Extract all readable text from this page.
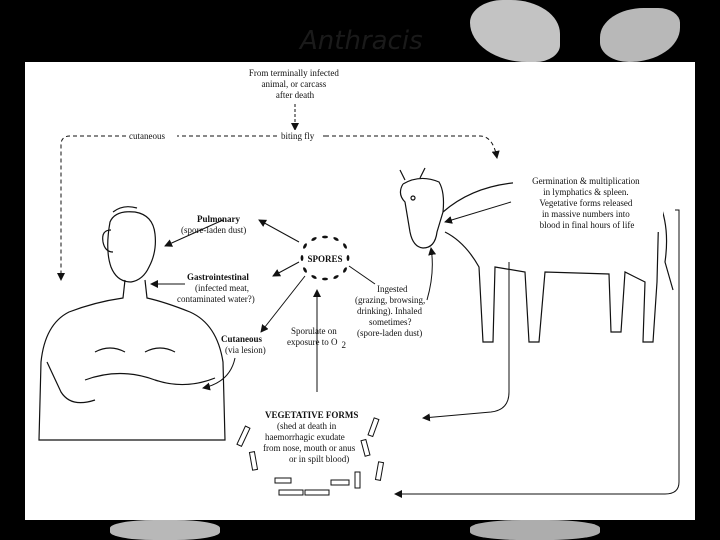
Anthracis
From terminally infected animal, or carcass after death
cutaneous	biting fly
Germination & multiplication in lymphatics & spleen. Vegetative forms released in massive numbers into blood in final hours of life
SPORES
Pulmonary (spore-laden dust)
Gastrointestinal (infected meat, contaminated water?)
Cutaneous (via lesion)
Sporulate on exposure to O 2
Ingested (grazing, browsing, drinking). Inhaled sometimes? (spore-laden dust)
VEGETATIVE FORMS (shed at death in haemorrhagic exudate from nose, mouth or anus or in spilt blood)
